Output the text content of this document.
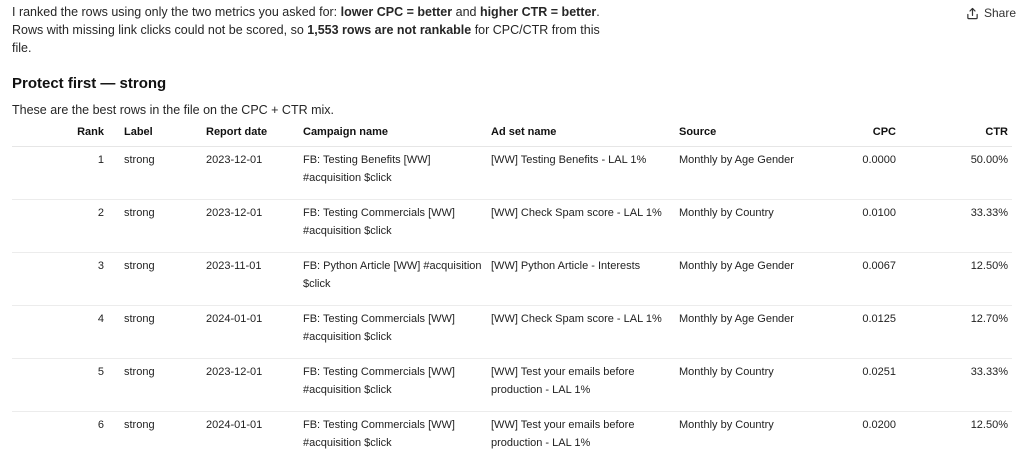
I ranked the rows using only the two metrics you asked for: lower CPC = better and higher CTR = better. Rows with missing link clicks could not be scored, so 1,553 rows are not rankable for CPC/CTR from this file.
Share
Protect first — strong
These are the best rows in the file on the CPC + CTR mix.
Rank	Label	Report date	Campaign name	Ad set name	Source	CPC	CTR
1	strong	2023-12-01	FB: Testing Benefits [WW] #acquisition $click	[WW] Testing Benefits - LAL 1%	Monthly by Age Gender	0.0000	50.00%
2	strong	2023-12-01	FB: Testing Commercials [WW] #acquisition $click	[WW] Check Spam score - LAL 1%	Monthly by Country	0.0100	33.33%
3	strong	2023-11-01	FB: Python Article [WW] #acquisition $click	[WW] Python Article - Interests	Monthly by Age Gender	0.0067	12.50%
4	strong	2024-01-01	FB: Testing Commercials [WW] #acquisition $click	[WW] Check Spam score - LAL 1%	Monthly by Age Gender	0.0125	12.70%
5	strong	2023-12-01	FB: Testing Commercials [WW] #acquisition $click	[WW] Test your emails before production - LAL 1%	Monthly by Country	0.0251	33.33%
6	strong	2024-01-01	FB: Testing Commercials [WW] #acquisition $click	[WW] Test your emails before production - LAL 1%	Monthly by Country	0.0200	12.50%
